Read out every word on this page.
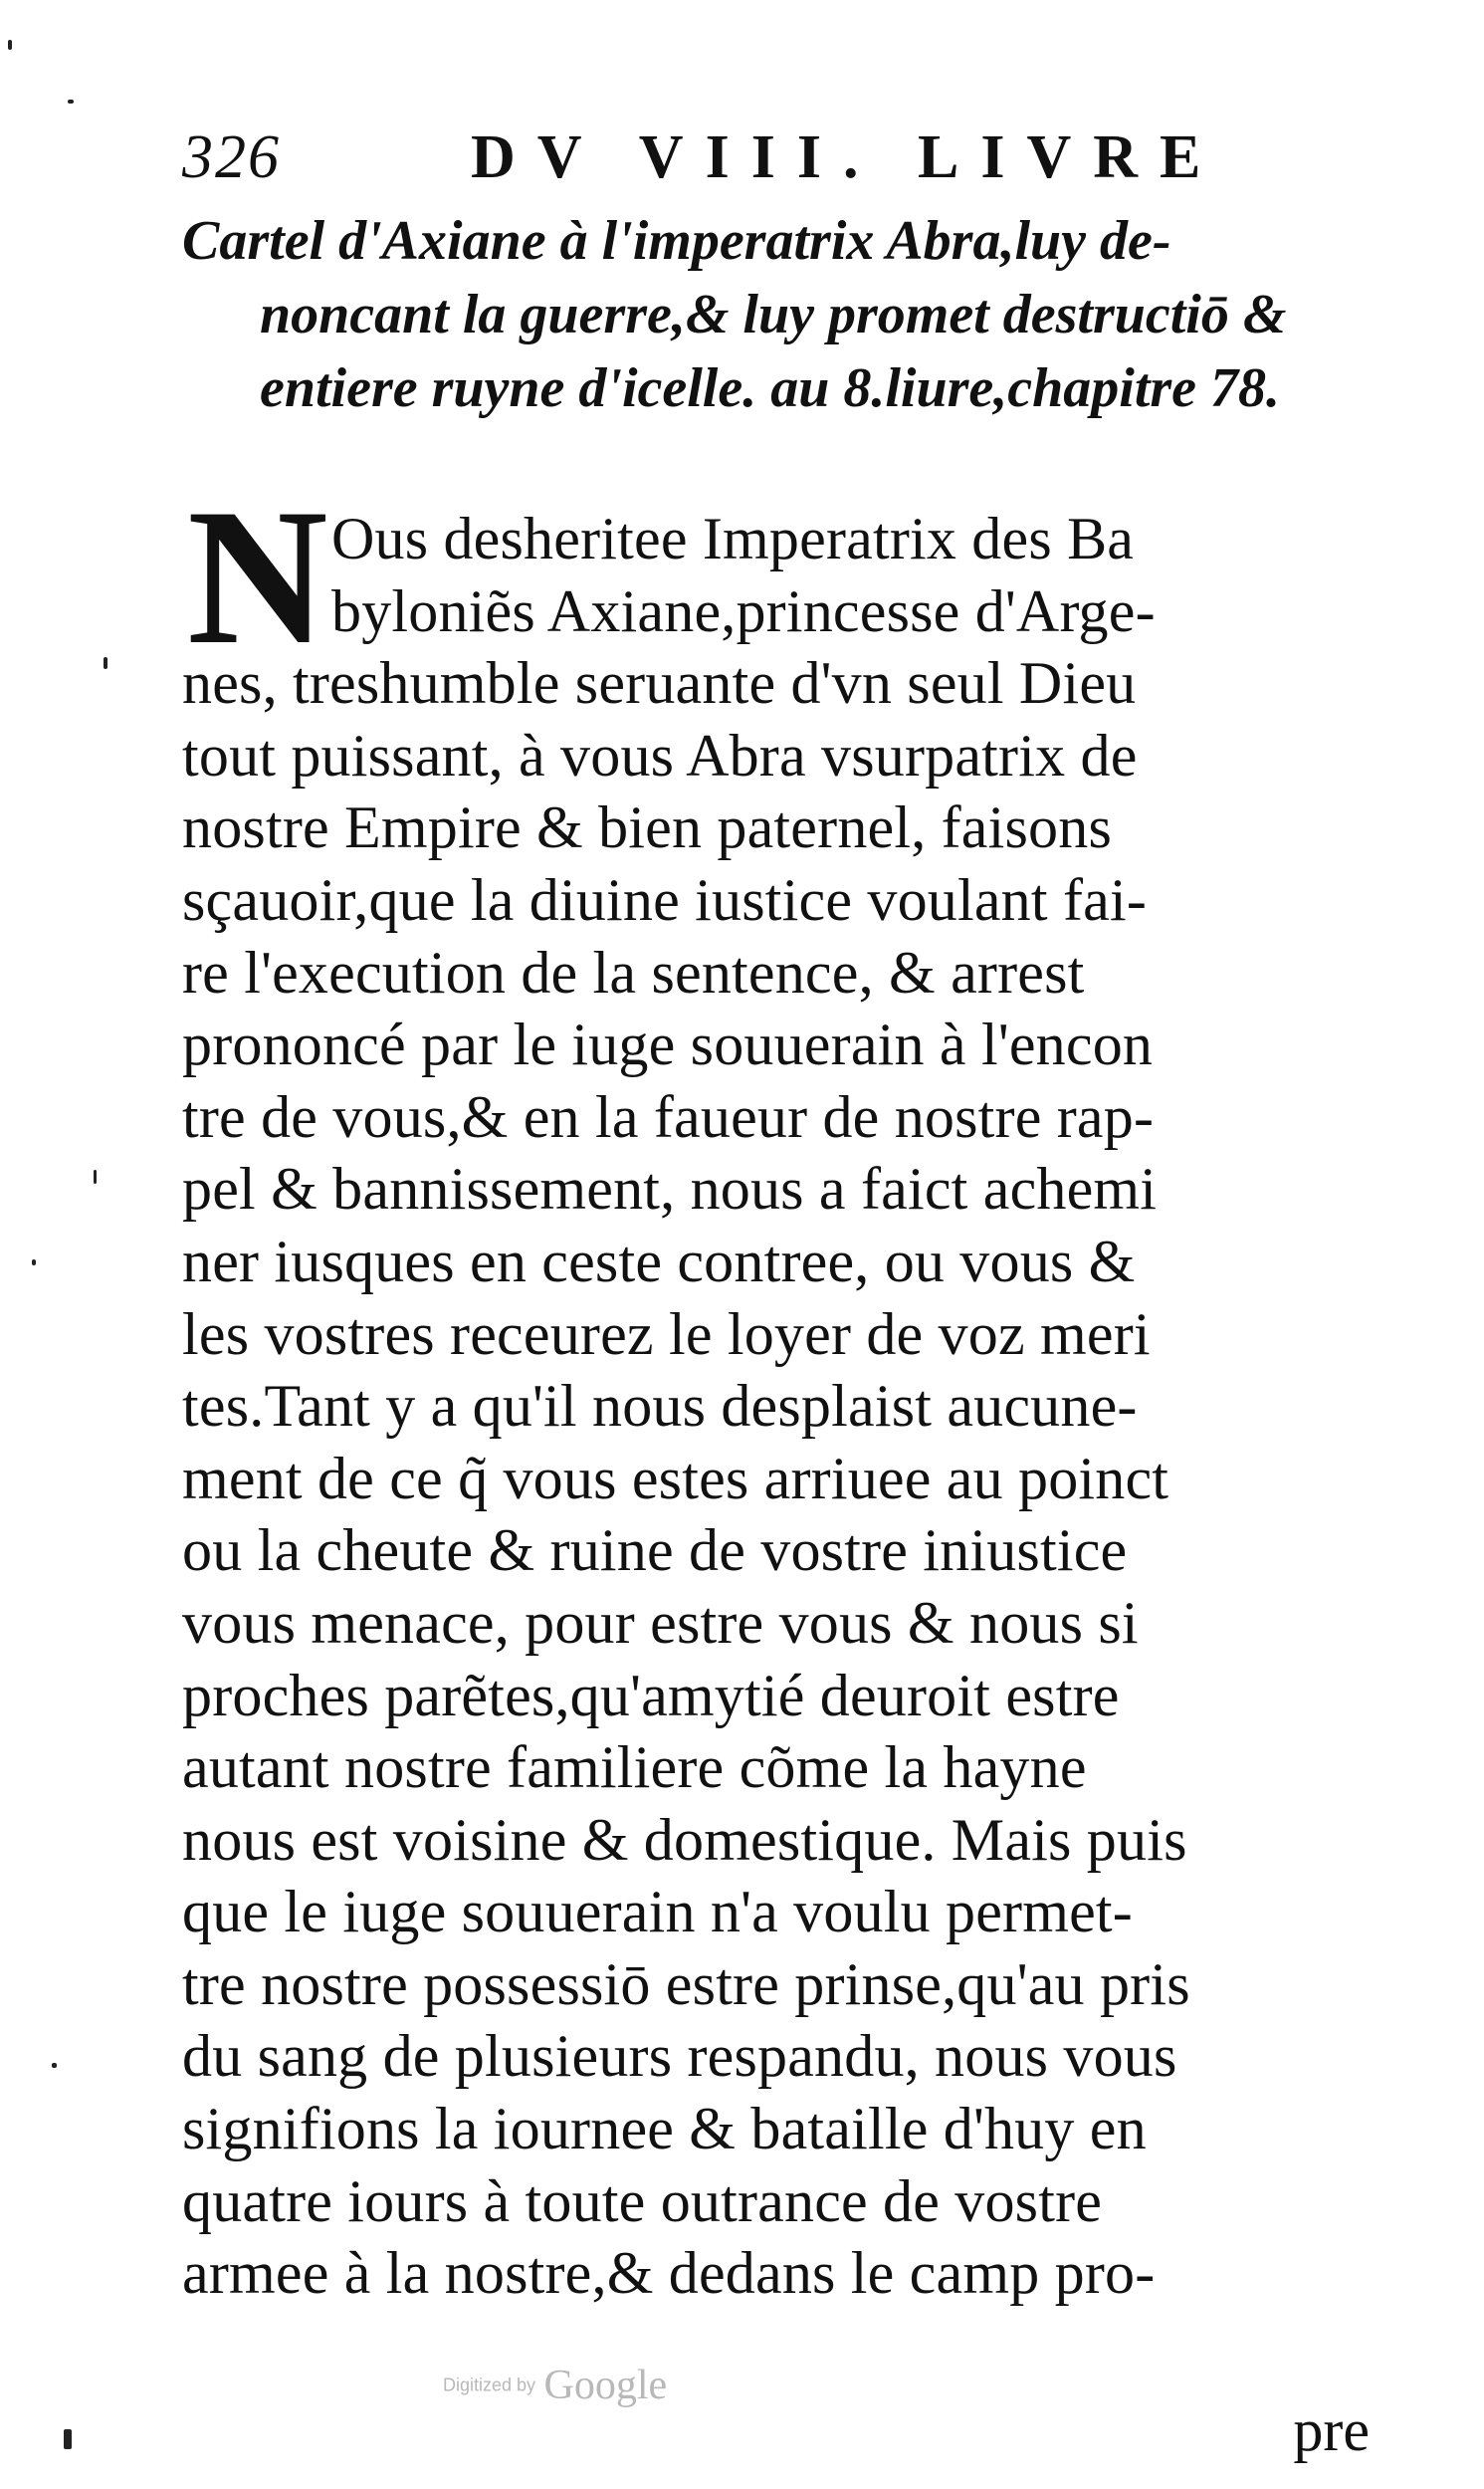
326	DV VIII. LIVRE
Cartel d'Axiane à l'imperatrix Abra,luy de-
noncant la guerre,& luy promet destructiō &
entiere ruyne d'icelle. au 8.liure,chapitre 78.
N Ous desheritee Imperatrix des Ba
byloniẽs Axiane,princesse d'Arge-
nes, treshumble seruante d'vn seul Dieu
tout puissant, à vous Abra vsurpatrix de
nostre Empire & bien paternel, faisons
sçauoir,que la diuine iustice voulant fai-
re l'execution de la sentence, & arrest
prononcé par le iuge souuerain à l'encon
tre de vous,& en la faueur de nostre rap-
pel & bannissement, nous a faict achemi
ner iusques en ceste contree, ou vous &
les vostres receurez le loyer de voz meri
tes.Tant y a qu'il nous desplaist aucune-
ment de ce q̃ vous estes arriuee au poinct
ou la cheute & ruine de vostre iniustice
vous menace, pour estre vous & nous si
proches parẽtes,qu'amytié deuroit estre
autant nostre familiere cõme la hayne
nous est voisine & domestique. Mais puis
que le iuge souuerain n'a voulu permet-
tre nostre possessiō estre prinse,qu'au pris
du sang de plusieurs respandu, nous vous
signifions la iournee & bataille d'huy en
quatre iours à toute outrance de vostre
armee à la nostre,& dedans le camp pro-
Digitized by Google
pre
